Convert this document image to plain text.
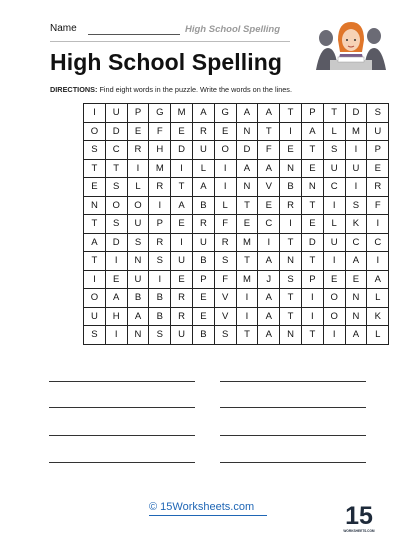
Name	High School Spelling
High School Spelling
DIRECTIONS: Find eight words in the puzzle. Write the words on the lines.
I	U	P	G	M	A	G	A	A	T	P	T	D	S
O	D	E	F	E	R	E	N	T	I	A	L	M	U
S	C	R	H	D	U	O	D	F	E	T	S	I	P
T	T	I	M	I	L	I	A	A	N	E	U	U	E
E	S	L	R	T	A	I	N	V	B	N	C	I	R
N	O	O	I	A	B	L	T	E	R	T	I	S	F
T	S	U	P	E	R	F	E	C	I	E	L	K	I
A	D	S	R	I	U	R	M	I	T	D	U	C	C
T	I	N	S	U	B	S	T	A	N	T	I	A	I
I	E	U	I	E	P	F	M	J	S	P	E	E	A
O	A	B	B	R	E	V	I	A	T	I	O	N	L
U	H	A	B	R	E	V	I	A	T	I	O	N	K
S	I	N	S	U	B	S	T	A	N	T	I	A	L
© 15Worksheets.com	15
WORKSHEETS.COM
